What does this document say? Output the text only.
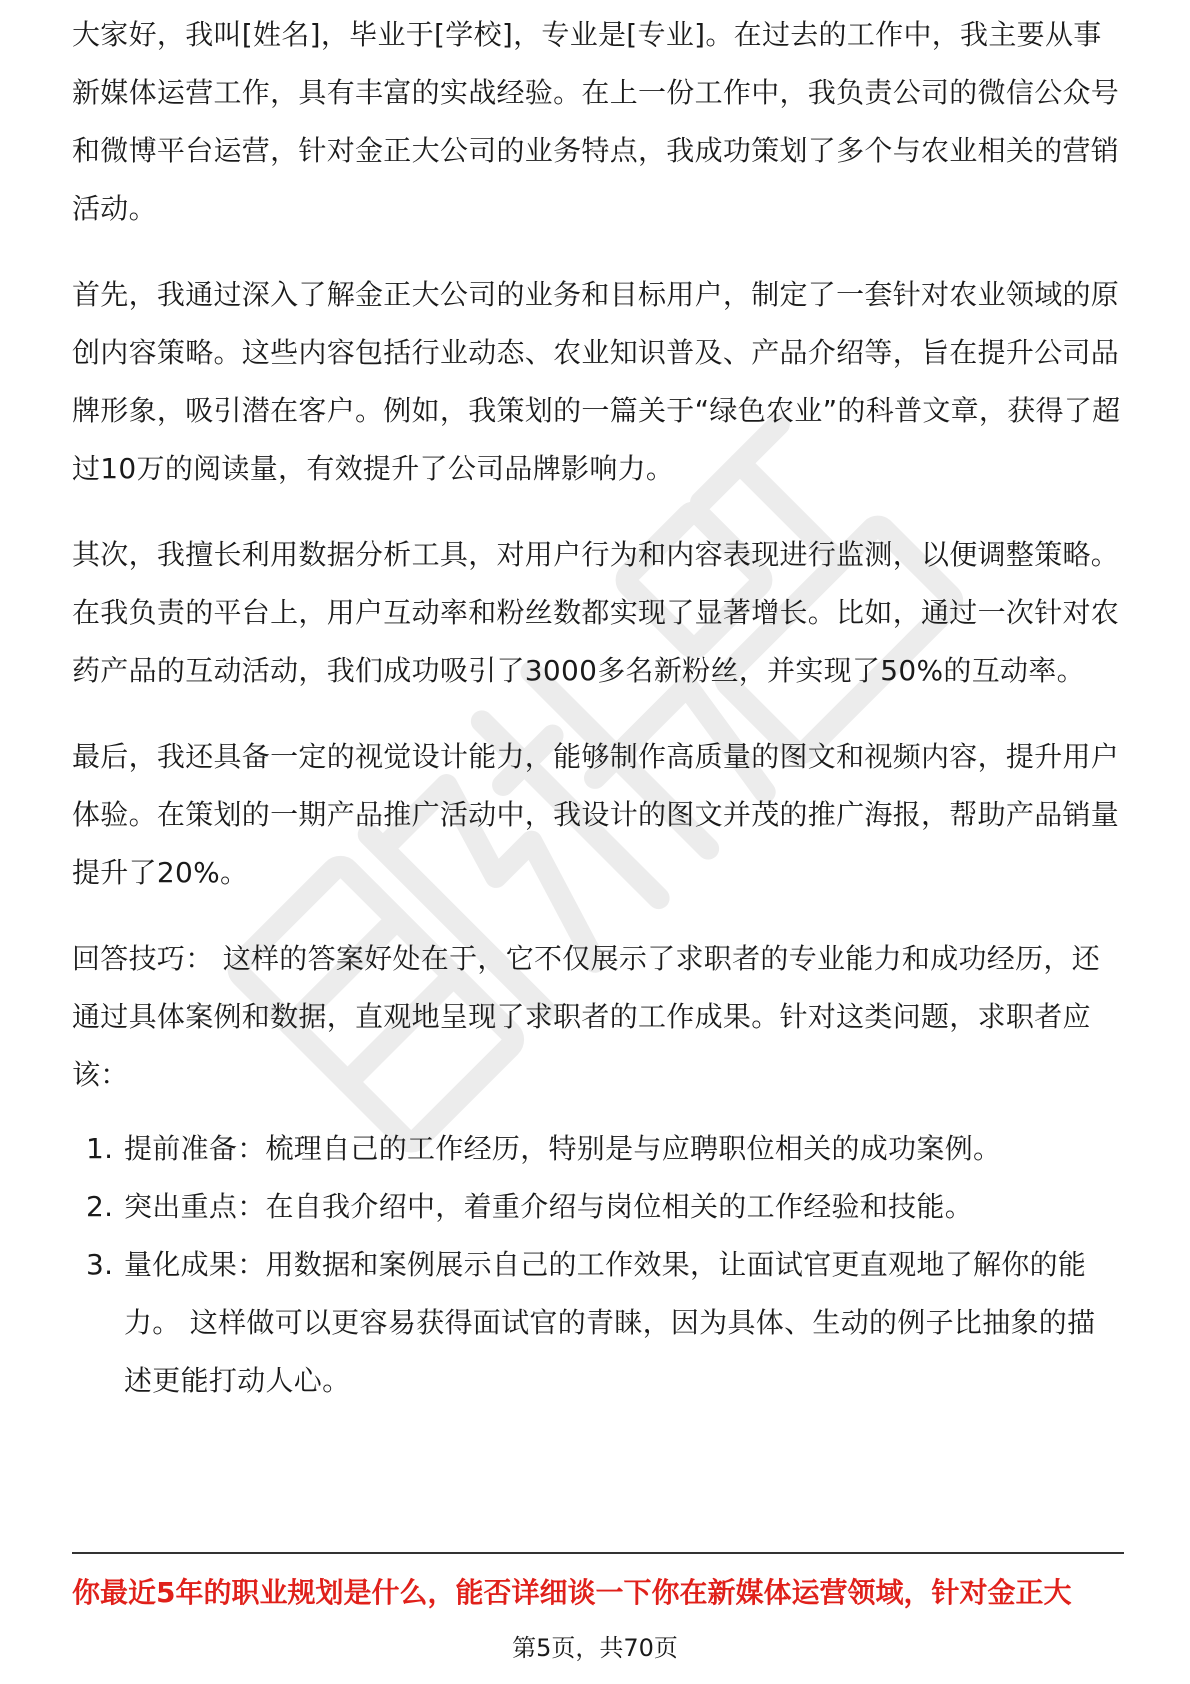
大家好，我叫[姓名]，毕业于[学校]，专业是[专业]。在过去的工作中，我主要从事新媒体运营工作，具有丰富的实战经验。在上一份工作中，我负责公司的微信公众号和微博平台运营，针对金正大公司的业务特点，我成功策划了多个与农业相关的营销活动。

首先，我通过深入了解金正大公司的业务和目标用户，制定了一套针对农业领域的原创内容策略。这些内容包括行业动态、农业知识普及、产品介绍等，旨在提升公司品牌形象，吸引潜在客户。例如，我策划的一篇关于“绿色农业”的科普文章，获得了超过10万的阅读量，有效提升了公司品牌影响力。

其次，我擅长利用数据分析工具，对用户行为和内容表现进行监测，以便调整策略。在我负责的平台上，用户互动率和粉丝数都实现了显著增长。比如，通过一次针对农药产品的互动活动，我们成功吸引了3000多名新粉丝，并实现了50%的互动率。

最后，我还具备一定的视觉设计能力，能够制作高质量的图文和视频内容，提升用户体验。在策划的一期产品推广活动中，我设计的图文并茂的推广海报，帮助产品销量提升了20%。

回答技巧： 这样的答案好处在于，它不仅展示了求职者的专业能力和成功经历，还通过具体案例和数据，直观地呈现了求职者的工作成果。针对这类问题，求职者应该：

1. 提前准备：梳理自己的工作经历，特别是与应聘职位相关的成功案例。
2. 突出重点：在自我介绍中，着重介绍与岗位相关的工作经验和技能。
3. 量化成果：用数据和案例展示自己的工作效果，让面试官更直观地了解你的能力。 这样做可以更容易获得面试官的青睐，因为具体、生动的例子比抽象的描述更能打动人心。
你最近5年的职业规划是什么，能否详细谈一下你在新媒体运营领域，针对金正大
第5页，共70页
